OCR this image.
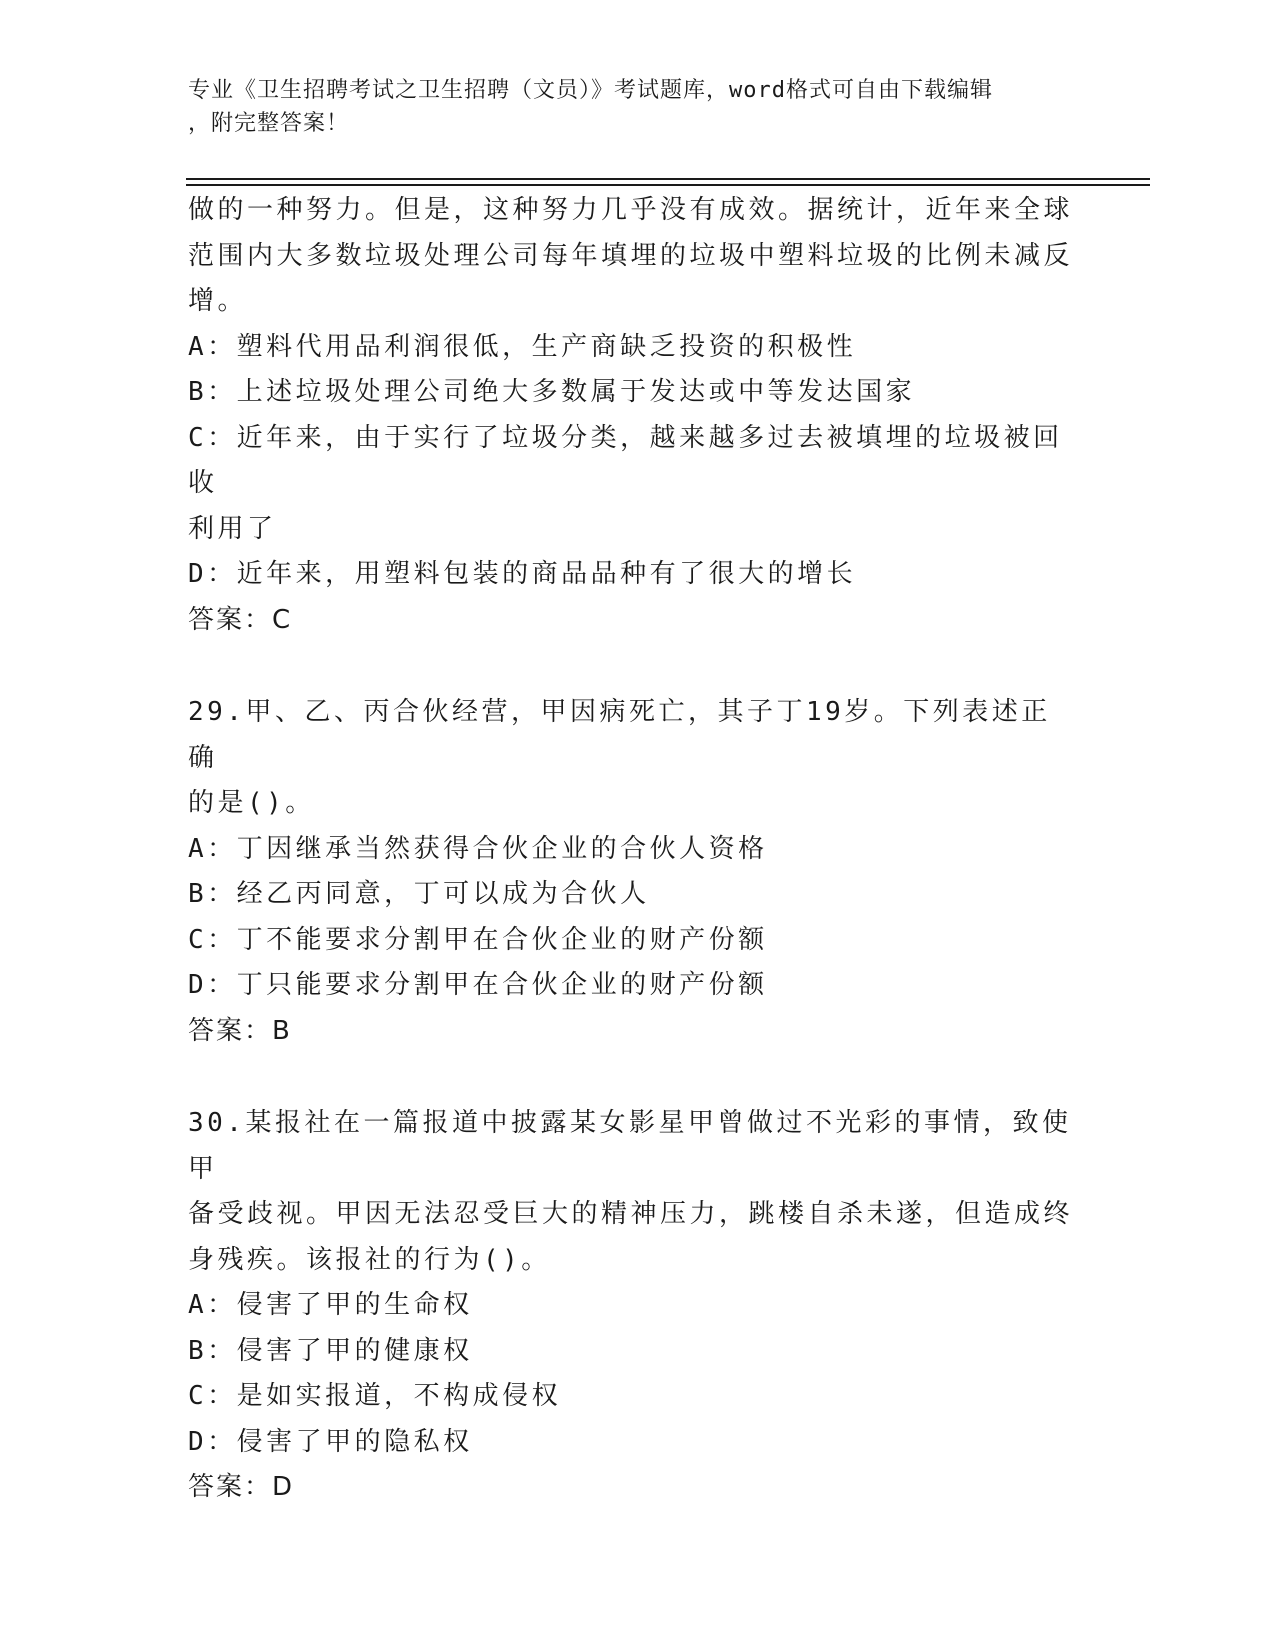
专业《卫生招聘考试之卫生招聘（文员）》考试题库，word格式可自由下载编辑
，附完整答案！

做的一种努力。但是，这种努力几乎没有成效。据统计，近年来全球

范围内大多数垃圾处理公司每年填埋的垃圾中塑料垃圾的比例未减反

增。

A：塑料代用品利润很低，生产商缺乏投资的积极性

B：上述垃圾处理公司绝大多数属于发达或中等发达国家

C：近年来，由于实行了垃圾分类，越来越多过去被填埋的垃圾被回收

利用了

D：近年来，用塑料包装的商品品种有了很大的增长

答案：C

29.甲、乙、丙合伙经营，甲因病死亡，其子丁19岁。下列表述正确

的是()。

A：丁因继承当然获得合伙企业的合伙人资格

B：经乙丙同意，丁可以成为合伙人

C：丁不能要求分割甲在合伙企业的财产份额

D：丁只能要求分割甲在合伙企业的财产份额

答案：B

30.某报社在一篇报道中披露某女影星甲曾做过不光彩的事情，致使甲

备受歧视。甲因无法忍受巨大的精神压力，跳楼自杀未遂，但造成终

身残疾。该报社的行为()。

A：侵害了甲的生命权

B：侵害了甲的健康权

C：是如实报道，不构成侵权

D：侵害了甲的隐私权

答案：D
